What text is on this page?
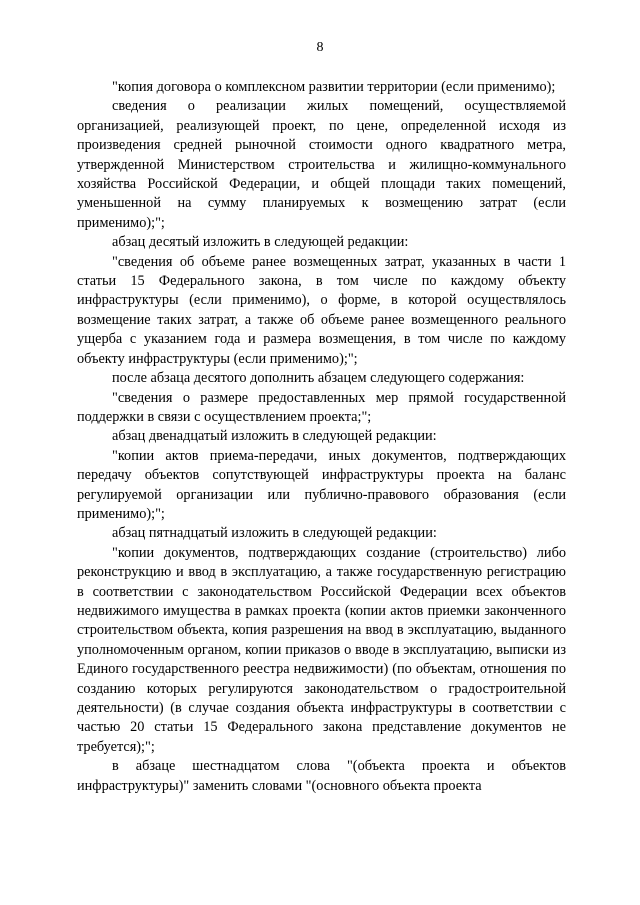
8

"копия договора о комплексном развитии территории (если применимо);

сведения о реализации жилых помещений, осуществляемой организацией, реализующей проект, по цене, определенной исходя из произведения средней рыночной стоимости одного квадратного метра, утвержденной Министерством строительства и жилищно-коммунального хозяйства Российской Федерации, и общей площади таких помещений, уменьшенной на сумму планируемых к возмещению затрат (если применимо);";

абзац десятый изложить в следующей редакции:

"сведения об объеме ранее возмещенных затрат, указанных в части 1 статьи 15 Федерального закона, в том числе по каждому объекту инфраструктуры (если применимо), о форме, в которой осуществлялось возмещение таких затрат, а также об объеме ранее возмещенного реального ущерба с указанием года и размера возмещения, в том числе по каждому объекту инфраструктуры (если применимо);";

после абзаца десятого дополнить абзацем следующего содержания:

"сведения о размере предоставленных мер прямой государственной поддержки в связи с осуществлением проекта;";

абзац двенадцатый изложить в следующей редакции:

"копии актов приема-передачи, иных документов, подтверждающих передачу объектов сопутствующей инфраструктуры проекта на баланс регулируемой организации или публично-правового образования (если применимо);";

абзац пятнадцатый изложить в следующей редакции:

"копии документов, подтверждающих создание (строительство) либо реконструкцию и ввод в эксплуатацию, а также государственную регистрацию в соответствии с законодательством Российской Федерации всех объектов недвижимого имущества в рамках проекта (копии актов приемки законченного строительством объекта, копия разрешения на ввод в эксплуатацию, выданного уполномоченным органом, копии приказов о вводе в эксплуатацию, выписки из Единого государственного реестра недвижимости) (по объектам, отношения по созданию которых регулируются законодательством о градостроительной деятельности) (в случае создания объекта инфраструктуры в соответствии с частью 20 статьи 15 Федерального закона представление документов не требуется);";

в абзаце шестнадцатом слова "(объекта проекта и объектов инфраструктуры)" заменить словами "(основного объекта проекта
